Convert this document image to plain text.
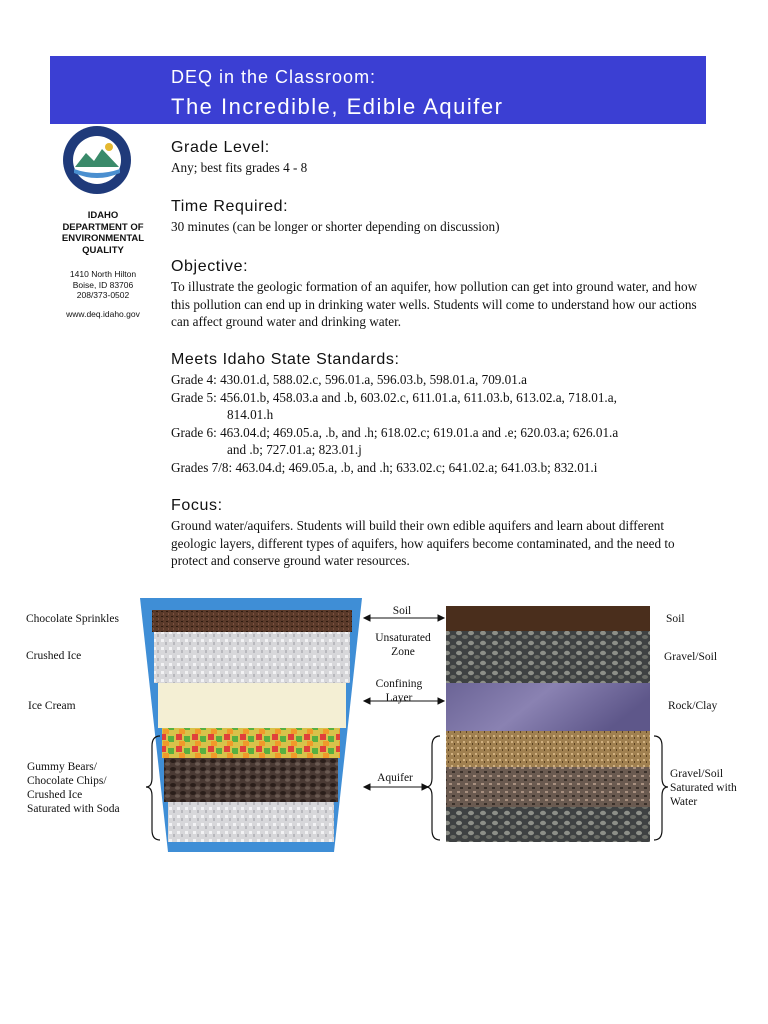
DEQ in the Classroom:
The Incredible, Edible Aquifer
IDAHO
DEPARTMENT OF
ENVIRONMENTAL
QUALITY
1410 North Hilton
Boise, ID 83706
208/373-0502
www.deq.idaho.gov
Grade Level:

Any; best fits grades 4 - 8

Time Required:

30 minutes (can be longer or shorter depending on discussion)

Objective:

To illustrate the geologic formation of an aquifer, how pollution can get into ground water, and how this pollution can end up in drinking water wells. Students will come to understand how our actions can affect ground water and drinking water.

Meets Idaho State Standards:
Grade 4: 430.01.d, 588.02.c, 596.01.a, 596.03.b, 598.01.a, 709.01.a
Grade 5: 456.01.b, 458.03.a and .b, 603.02.c, 611.01.a, 611.03.b, 613.02.a, 718.01.a,
814.01.h
Grade 6: 463.04.d; 469.05.a, .b, and .h; 618.02.c; 619.01.a and .e; 620.03.a; 626.01.a
and .b; 727.01.a; 823.01.j
Grades 7/8: 463.04.d; 469.05.a, .b, and .h; 633.02.c; 641.02.a; 641.03.b; 832.01.i
Focus:

Ground water/aquifers. Students will build their own edible aquifers and learn about different geologic layers, different types of aquifers, how aquifers become contaminated, and the need to protect and conserve ground water resources.

Chocolate Sprinkles
Crushed Ice
Ice Cream
Gummy Bears/
Chocolate Chips/
Crushed Ice
Saturated with Soda
Soil
Unsaturated
Zone
Confining
Layer
Aquifer
Soil
Gravel/Soil
Rock/Clay
Gravel/Soil
Saturated with
Water
